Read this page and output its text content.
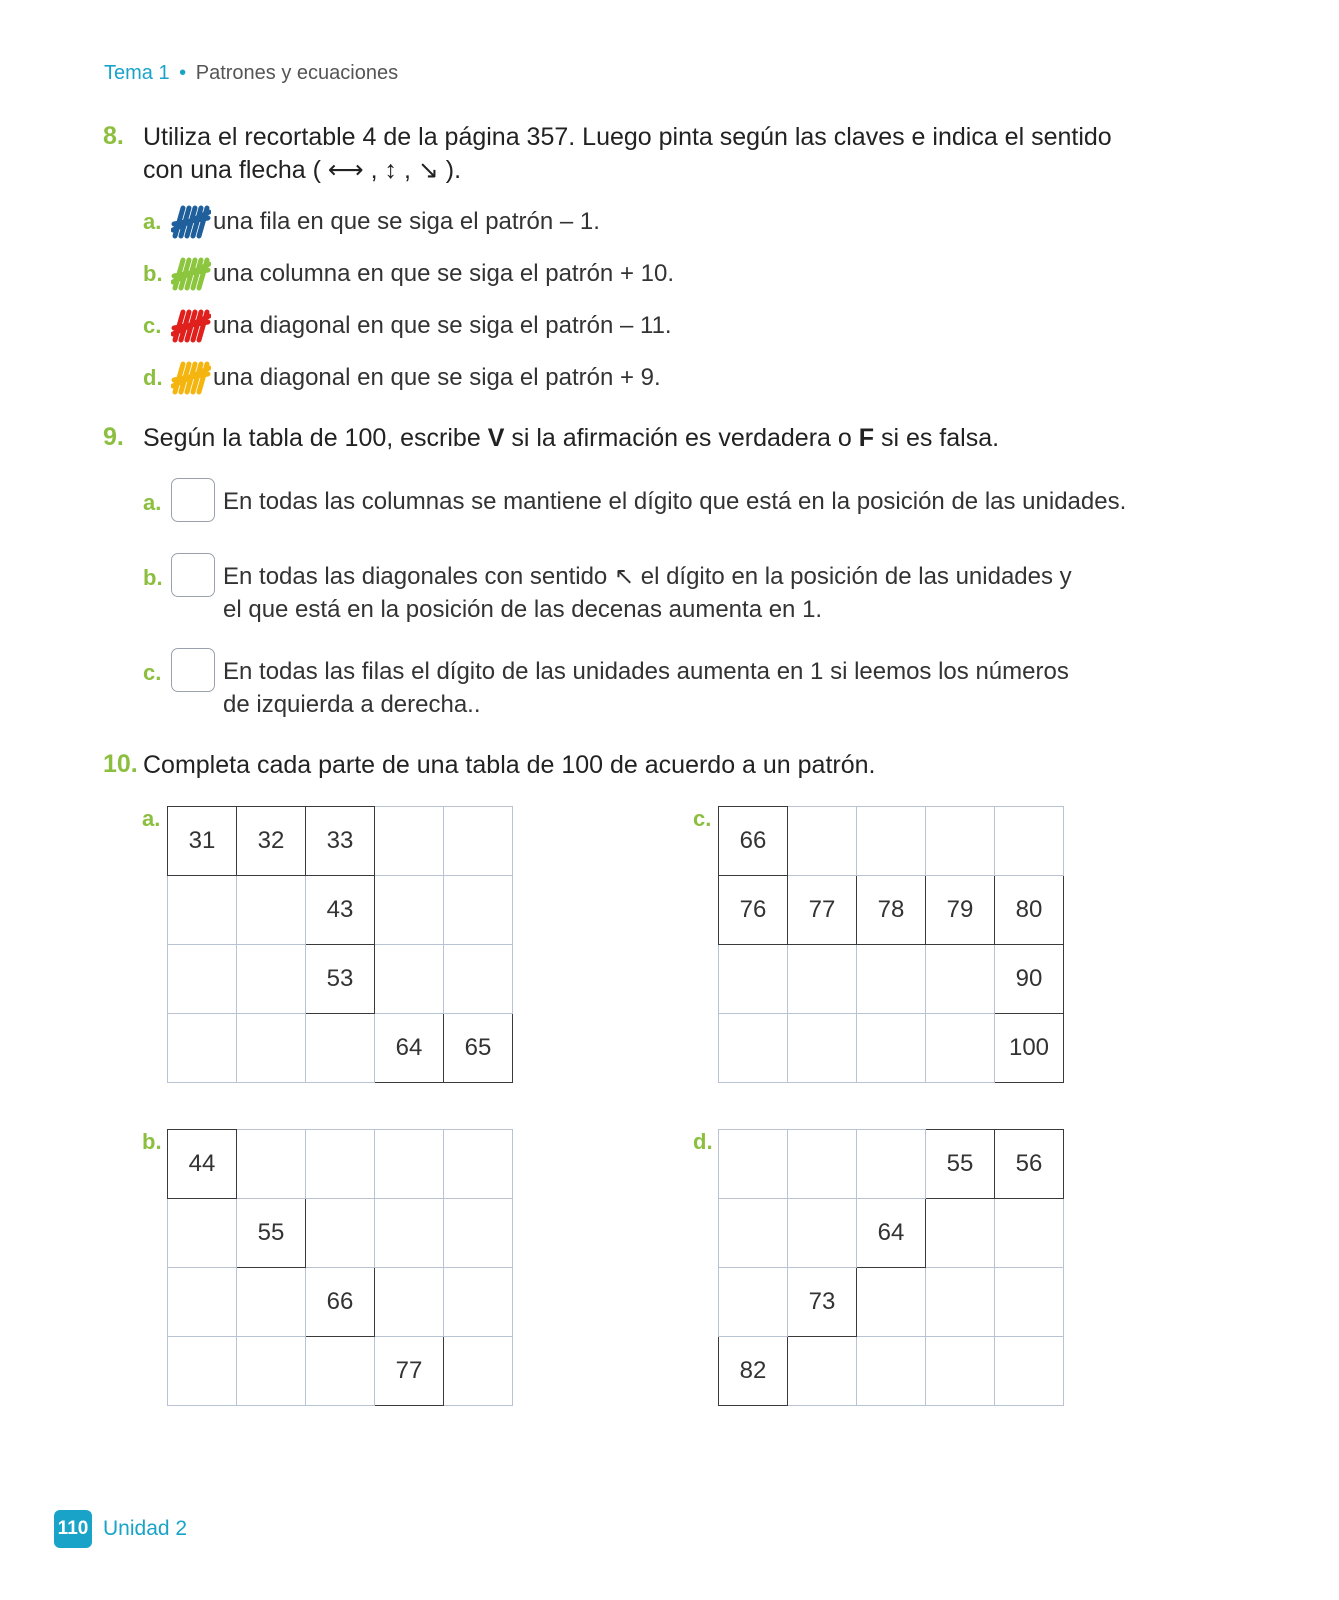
Tema 1 • Patrones y ecuaciones
8. Utiliza el recortable 4 de la página 357. Luego pinta según las claves e indica el sentido
con una flecha ( ⟷ , ↕ , ↘ ).
a. una fila en que se siga el patrón – 1.
b. una columna en que se siga el patrón + 10.
c. una diagonal en que se siga el patrón – 11.
d. una diagonal en que se siga el patrón + 9.
9. Según la tabla de 100, escribe V si la afirmación es verdadera o F si es falsa.
a.	En todas las columnas se mantiene el dígito que está en la posición de las unidades.
b.	En todas las diagonales con sentido ↖ el dígito en la posición de las unidades y
el que está en la posición de las decenas aumenta en 1.
c.	En todas las filas el dígito de las unidades aumenta en 1 si leemos los números
de izquierda a derecha..
10. Completa cada parte de una tabla de 100 de acuerdo a un patrón.
a.
31	32	33		
		43		
		53		
			64	65
c.
66				
76	77	78	79	80
				90
				100
b.
44				
	55			
		66		
			77	
d.
			55	56
		64		
	73			
82				
110 Unidad 2
